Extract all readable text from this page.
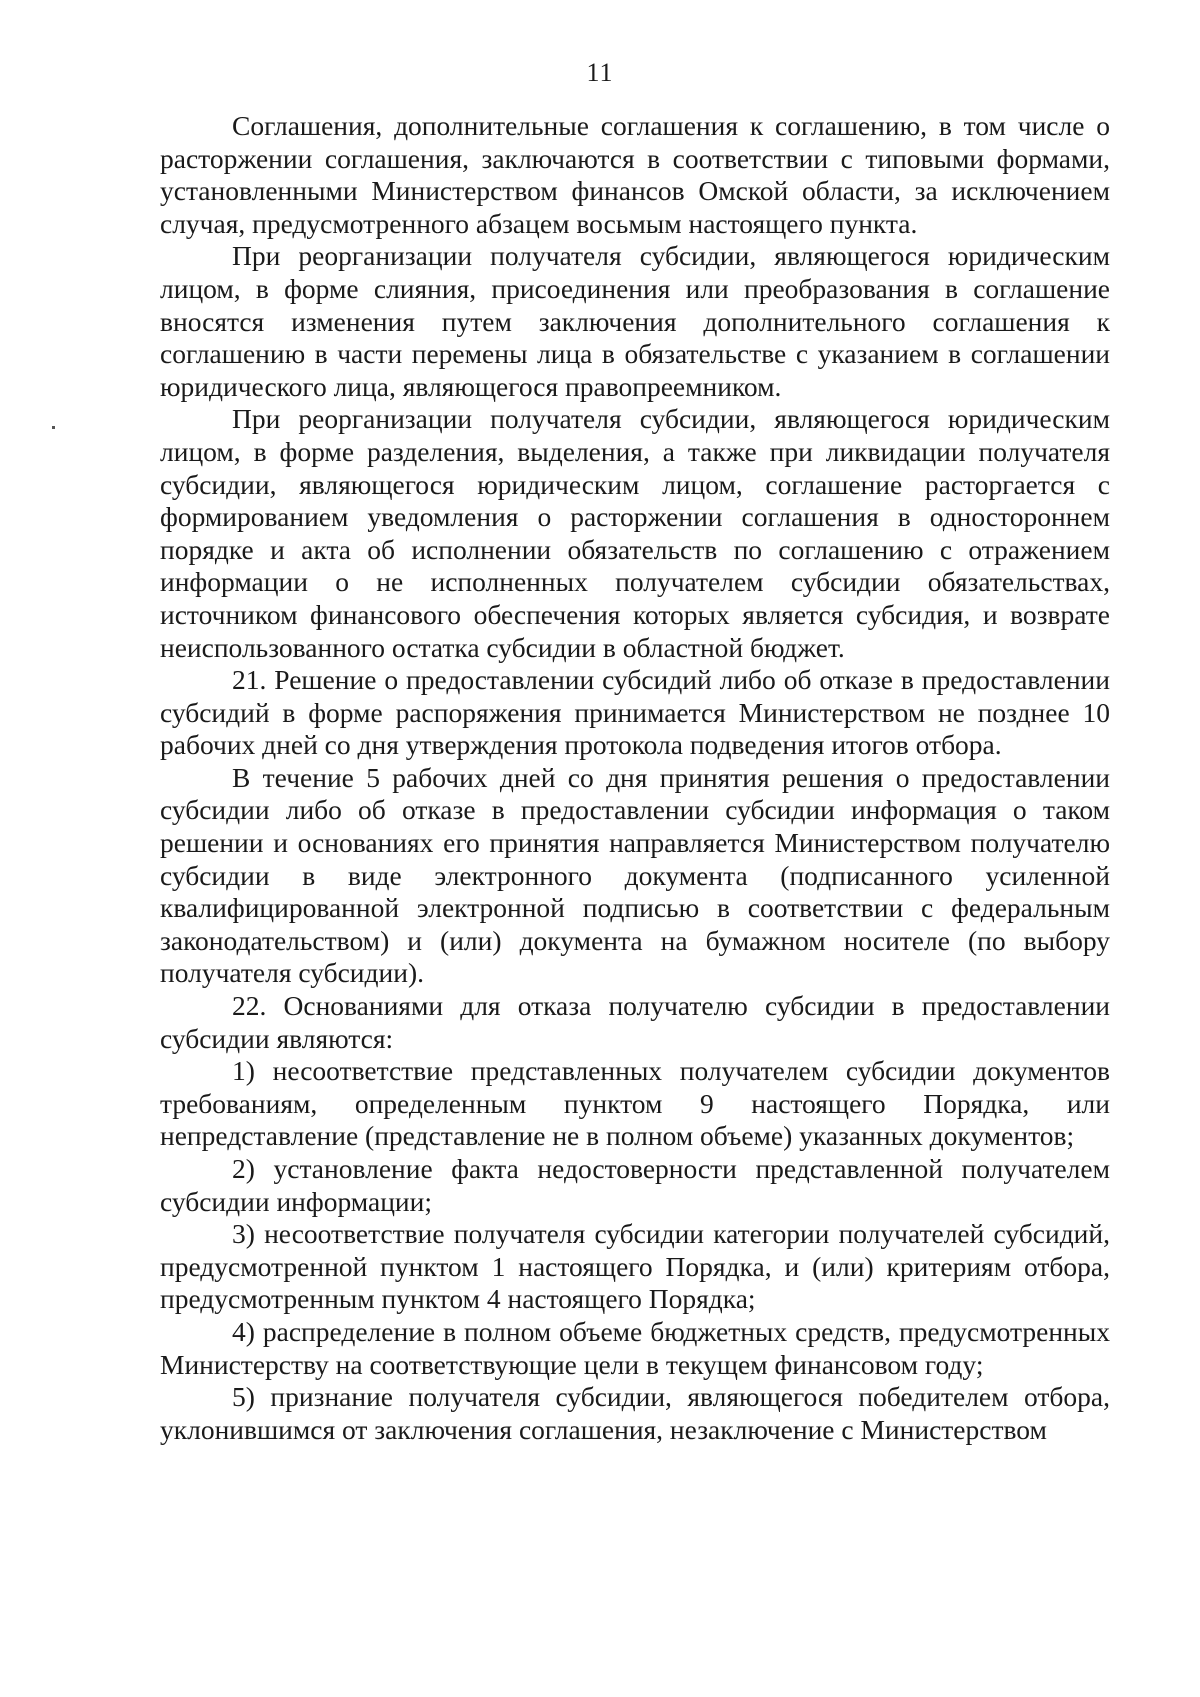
11

Соглашения, дополнительные соглашения к соглашению, в том числе о расторжении соглашения, заключаются в соответствии с типовыми формами, установленными Министерством финансов Омской области, за исключением случая, предусмотренного абзацем восьмым настоящего пункта.

При реорганизации получателя субсидии, являющегося юридическим лицом, в форме слияния, присоединения или преобразования в соглашение вносятся изменения путем заключения дополнительного соглашения к соглашению в части перемены лица в обязательстве с указанием в соглашении юридического лица, являющегося правопреемником.

При реорганизации получателя субсидии, являющегося юридическим лицом, в форме разделения, выделения, а также при ликвидации получателя субсидии, являющегося юридическим лицом, соглашение расторгается с формированием уведомления о расторжении соглашения в одностороннем порядке и акта об исполнении обязательств по соглашению с отражением информации о не исполненных получателем субсидии обязательствах, источником финансового обеспечения которых является субсидия, и возврате неиспользованного остатка субсидии в областной бюджет.

21. Решение о предоставлении субсидий либо об отказе в предоставлении субсидий в форме распоряжения принимается Министерством не позднее 10 рабочих дней со дня утверждения протокола подведения итогов отбора.

В течение 5 рабочих дней со дня принятия решения о предоставлении субсидии либо об отказе в предоставлении субсидии информация о таком решении и основаниях его принятия направляется Министерством получателю субсидии в виде электронного документа (подписанного усиленной квалифицированной электронной подписью в соответствии с федеральным законодательством) и (или) документа на бумажном носителе (по выбору получателя субсидии).

22. Основаниями для отказа получателю субсидии в предоставлении субсидии являются:

1) несоответствие представленных получателем субсидии документов требованиям, определенным пунктом 9 настоящего Порядка, или непредставление (представление не в полном объеме) указанных документов;

2) установление факта недостоверности представленной получателем субсидии информации;

3) несоответствие получателя субсидии категории получателей субсидий, предусмотренной пунктом 1 настоящего Порядка, и (или) критериям отбора, предусмотренным пунктом 4 настоящего Порядка;

4) распределение в полном объеме бюджетных средств, предусмотренных Министерству на соответствующие цели в текущем финансовом году;

5) признание получателя субсидии, являющегося победителем отбора, уклонившимся от заключения соглашения, незаключение с Министерством
